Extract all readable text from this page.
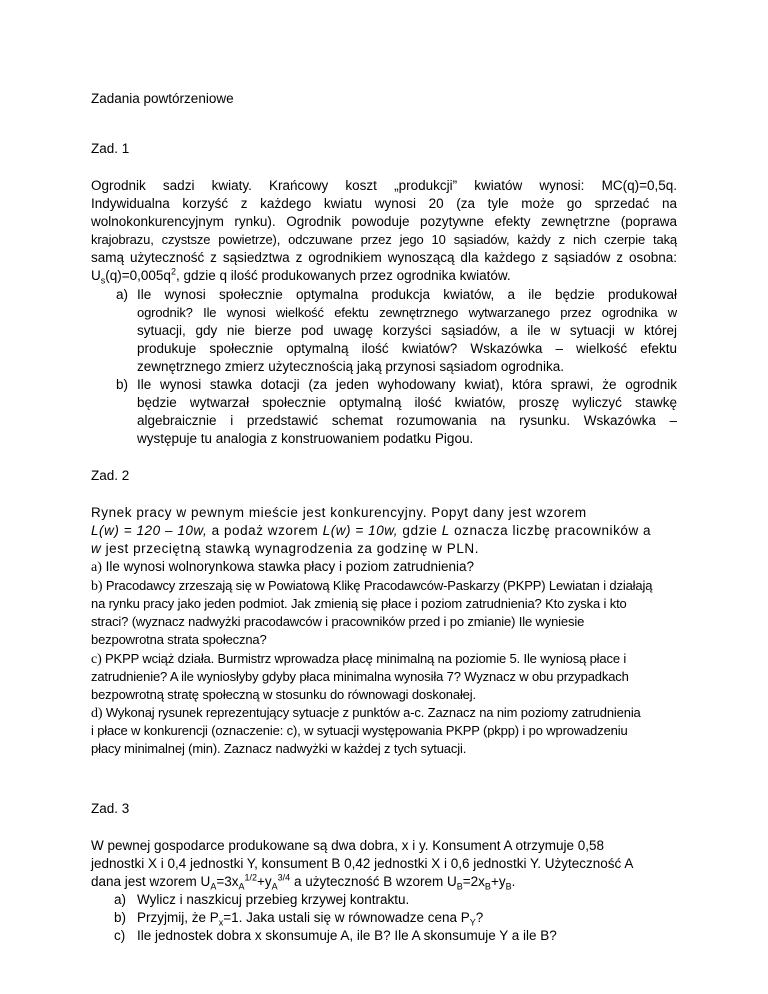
Zadania powtórzeniowe
Zad. 1
Ogrodnik sadzi kwiaty. Krańcowy koszt „produkcji” kwiatów wynosi: MC(q)=0,5q.
Indywidualna korzyść z każdego kwiatu wynosi 20 (za tyle może go sprzedać na
wolnokonkurencyjnym rynku). Ogrodnik powoduje pozytywne efekty zewnętrzne (poprawa
krajobrazu, czystsze powietrze), odczuwane przez jego 10 sąsiadów, każdy z nich czerpie taką
samą użyteczność z sąsiedztwa z ogrodnikiem wynoszącą dla każdego z sąsiadów z osobna:
$U_s(q)=0,005q^2$, gdzie q ilość produkowanych przez ogrodnika kwiatów.
a) Ile wynosi społecznie optymalna produkcja kwiatów, a ile będzie produkował
ogrodnik? Ile wynosi wielkość efektu zewnętrznego wytwarzanego przez ogrodnika w
sytuacji, gdy nie bierze pod uwagę korzyści sąsiadów, a ile w sytuacji w której
produkuje społecznie optymalną ilość kwiatów? Wskazówka – wielkość efektu
zewnętrznego zmierz użytecznością jaką przynosi sąsiadom ogrodnika.
b) Ile wynosi stawka dotacji (za jeden wyhodowany kwiat), która sprawi, że ogrodnik
będzie wytwarzał społecznie optymalną ilość kwiatów, proszę wyliczyć stawkę
algebraicznie i przedstawić schemat rozumowania na rysunku. Wskazówka –
występuje tu analogia z konstruowaniem podatku Pigou.
Zad. 2
Rynek pracy w pewnym mieście jest konkurencyjny. Popyt dany jest wzorem
L(w) = 120 – 10w, a podaż wzorem L(w) = 10w, gdzie L oznacza liczbę pracowników a
w jest przeciętną stawką wynagrodzenia za godzinę w PLN.
a) Ile wynosi wolnorynkowa stawka płacy i poziom zatrudnienia?
b) Pracodawcy zrzeszają się w Powiatową Klikę Pracodawców-Paskarzy (PKPP) Lewiatan i działają
na rynku pracy jako jeden podmiot. Jak zmienią się płace i poziom zatrudnienia? Kto zyska i kto
straci? (wyznacz nadwyżki pracodawców i pracowników przed i po zmianie) Ile wyniesie
bezpowrotna strata społeczna?
c) PKPP wciąż działa. Burmistrz wprowadza płacę minimalną na poziomie 5. Ile wyniosą płace i
zatrudnienie? A ile wyniosłyby gdyby płaca minimalna wynosiła 7? Wyznacz w obu przypadkach
bezpowrotną stratę społeczną w stosunku do równowagi doskonałej.
d) Wykonaj rysunek reprezentujący sytuacje z punktów a-c. Zaznacz na nim poziomy zatrudnienia
i płace w konkurencji (oznaczenie: c), w sytuacji występowania PKPP (pkpp) i po wprowadzeniu
płacy minimalnej (min). Zaznacz nadwyżki w każdej z tych sytuacji.
Zad. 3
W pewnej gospodarce produkowane są dwa dobra, x i y. Konsument A otrzymuje 0,58
jednostki X i 0,4 jednostki Y, konsument B 0,42 jednostki X i 0,6 jednostki Y. Użyteczność A
dana jest wzorem $U_A=3x_A^{1/2}+y_A^{3/4}$ a użyteczność B wzorem $U_B=2x_B+y_B$.
a) Wylicz i naszkicuj przebieg krzywej kontraktu.
b) Przyjmij, że $P_x=1$. Jaka ustali się w równowadze cena $P_Y$?
c) Ile jednostek dobra x skonsumuje A, ile B? Ile A skonsumuje Y a ile B?
